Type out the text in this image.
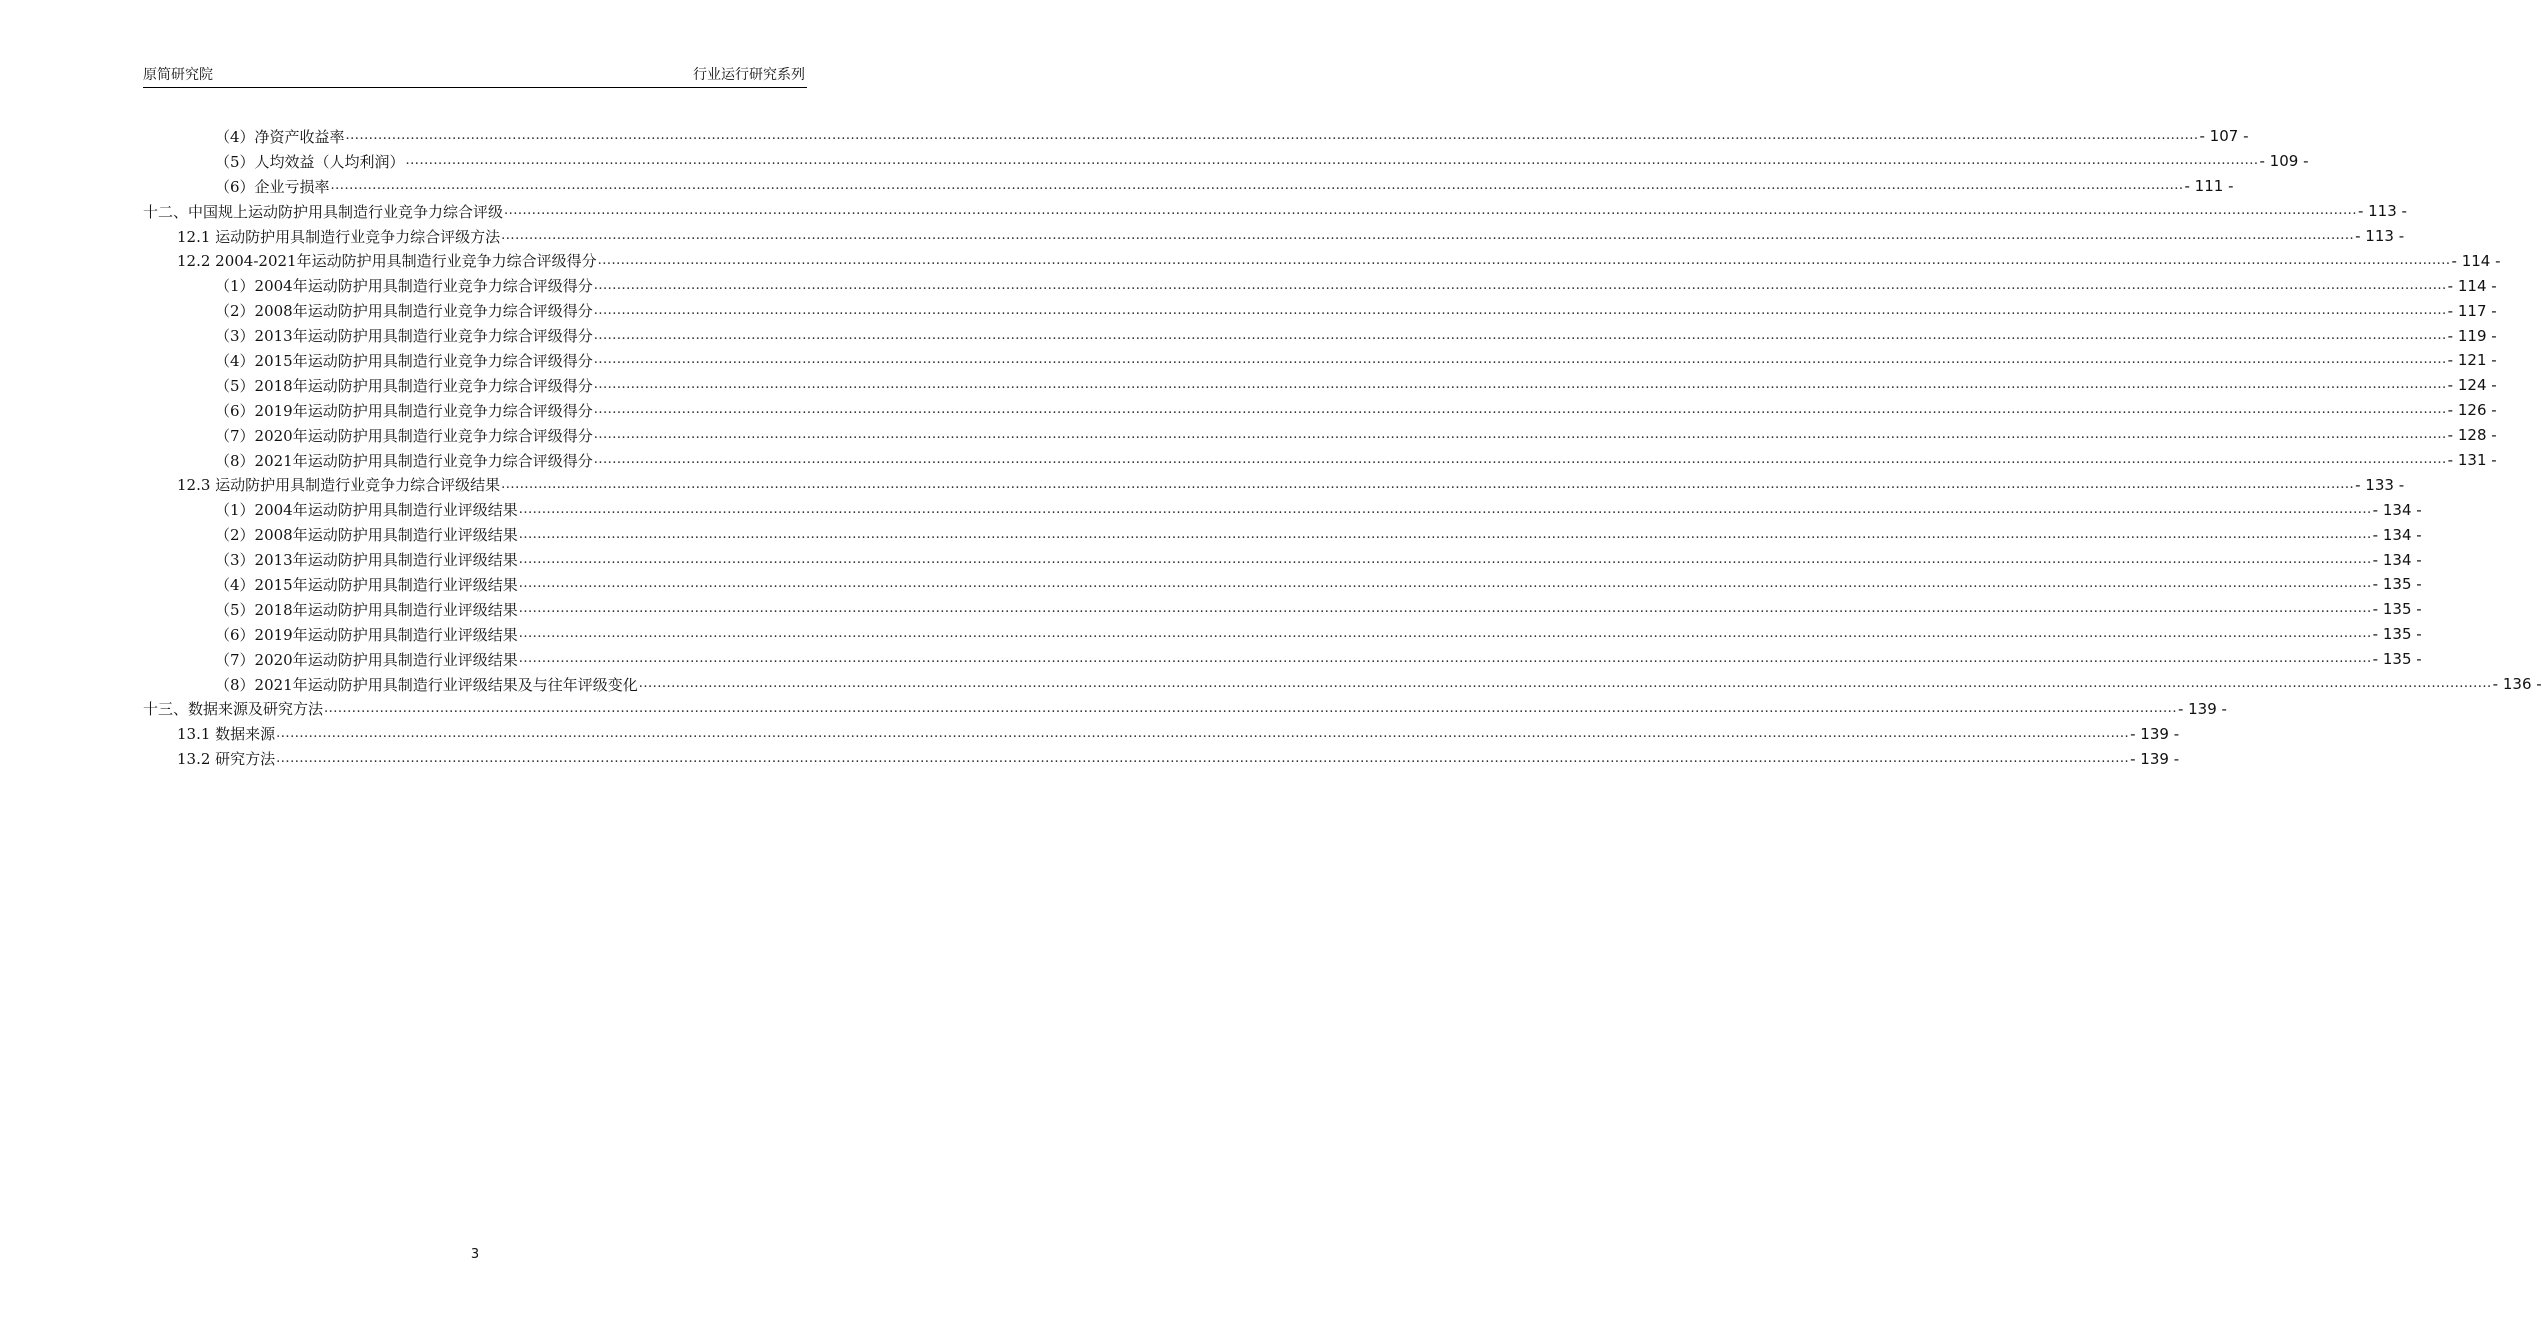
原简研究院	行业运行研究系列
（4）净资产收益率 ................................................................................................................................................................................................................................................................................................................................................................................................................ - 107 -
（5）人均效益（人均利润） ................................................................................................................................................................................................................................................................................................................................................................................................................ - 109 -
（6）企业亏损率 ................................................................................................................................................................................................................................................................................................................................................................................................................ - 111 -
十二、中国规上运动防护用具制造行业竞争力综合评级 ................................................................................................................................................................................................................................................................................................................................................................................................................ - 113 -
12.1 运动防护用具制造行业竞争力综合评级方法 ................................................................................................................................................................................................................................................................................................................................................................................................................ - 113 -
12.2 2004-2021年运动防护用具制造行业竞争力综合评级得分 ................................................................................................................................................................................................................................................................................................................................................................................................................ - 114 -
（1）2004年运动防护用具制造行业竞争力综合评级得分 ................................................................................................................................................................................................................................................................................................................................................................................................................ - 114 -
（2）2008年运动防护用具制造行业竞争力综合评级得分 ................................................................................................................................................................................................................................................................................................................................................................................................................ - 117 -
（3）2013年运动防护用具制造行业竞争力综合评级得分 ................................................................................................................................................................................................................................................................................................................................................................................................................ - 119 -
（4）2015年运动防护用具制造行业竞争力综合评级得分 ................................................................................................................................................................................................................................................................................................................................................................................................................ - 121 -
（5）2018年运动防护用具制造行业竞争力综合评级得分 ................................................................................................................................................................................................................................................................................................................................................................................................................ - 124 -
（6）2019年运动防护用具制造行业竞争力综合评级得分 ................................................................................................................................................................................................................................................................................................................................................................................................................ - 126 -
（7）2020年运动防护用具制造行业竞争力综合评级得分 ................................................................................................................................................................................................................................................................................................................................................................................................................ - 128 -
（8）2021年运动防护用具制造行业竞争力综合评级得分 ................................................................................................................................................................................................................................................................................................................................................................................................................ - 131 -
12.3 运动防护用具制造行业竞争力综合评级结果 ................................................................................................................................................................................................................................................................................................................................................................................................................ - 133 -
（1）2004年运动防护用具制造行业评级结果 ................................................................................................................................................................................................................................................................................................................................................................................................................ - 134 -
（2）2008年运动防护用具制造行业评级结果 ................................................................................................................................................................................................................................................................................................................................................................................................................ - 134 -
（3）2013年运动防护用具制造行业评级结果 ................................................................................................................................................................................................................................................................................................................................................................................................................ - 134 -
（4）2015年运动防护用具制造行业评级结果 ................................................................................................................................................................................................................................................................................................................................................................................................................ - 135 -
（5）2018年运动防护用具制造行业评级结果 ................................................................................................................................................................................................................................................................................................................................................................................................................ - 135 -
（6）2019年运动防护用具制造行业评级结果 ................................................................................................................................................................................................................................................................................................................................................................................................................ - 135 -
（7）2020年运动防护用具制造行业评级结果 ................................................................................................................................................................................................................................................................................................................................................................................................................ - 135 -
（8）2021年运动防护用具制造行业评级结果及与往年评级变化 ................................................................................................................................................................................................................................................................................................................................................................................................................ - 136 -
十三、数据来源及研究方法 ................................................................................................................................................................................................................................................................................................................................................................................................................ - 139 -
13.1 数据来源 ................................................................................................................................................................................................................................................................................................................................................................................................................ - 139 -
13.2 研究方法 ................................................................................................................................................................................................................................................................................................................................................................................................................ - 139 -
3
